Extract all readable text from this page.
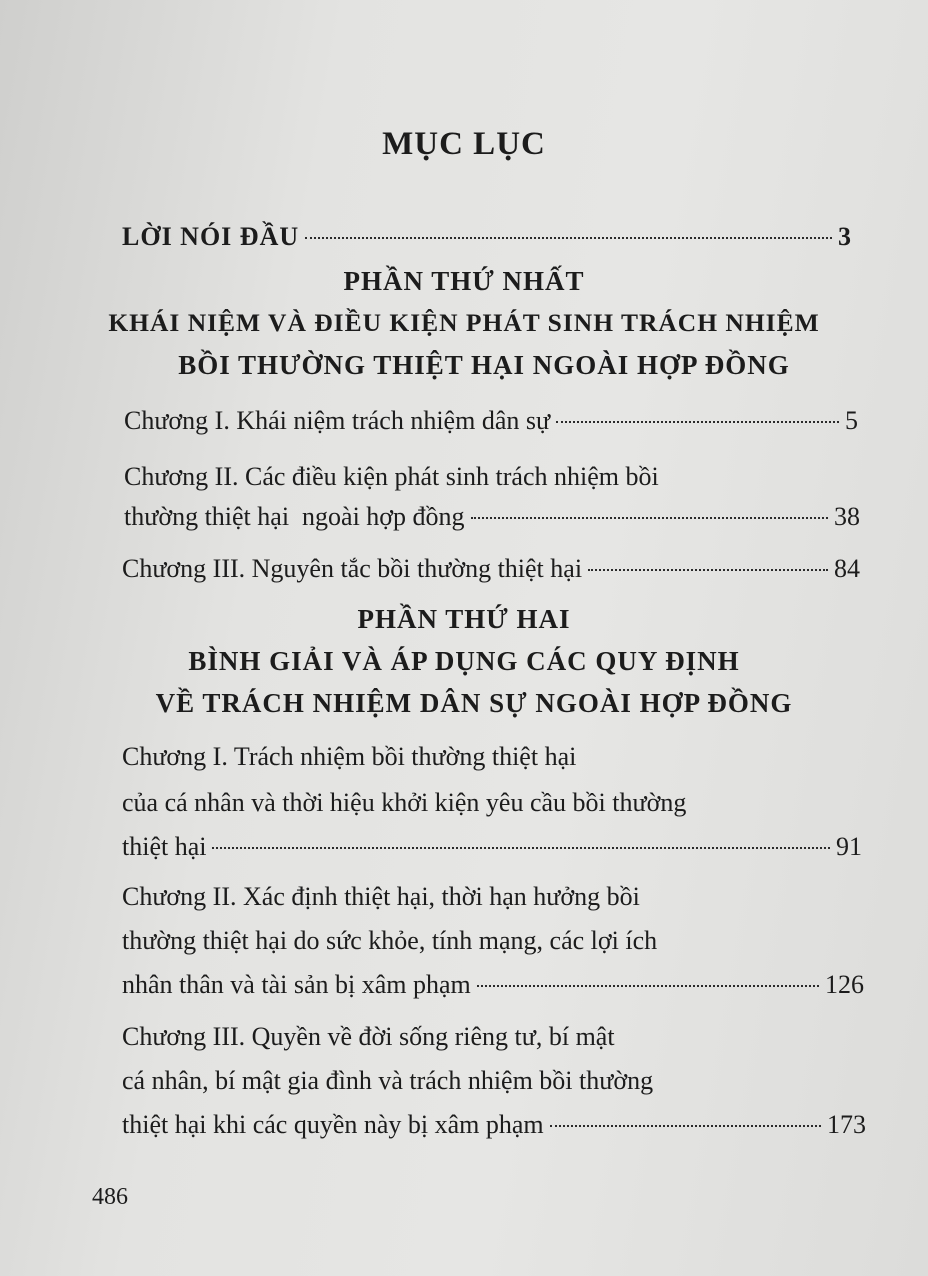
MỤC LỤC
LỜI NÓI ĐẦU	3
PHẦN THỨ NHẤT
KHÁI NIỆM VÀ ĐIỀU KIỆN PHÁT SINH TRÁCH NHIỆM
BỒI THƯỜNG THIỆT HẠI NGOÀI HỢP ĐỒNG
Chương I. Khái niệm trách nhiệm dân sự	5
Chương II. Các điều kiện phát sinh trách nhiệm bồi
thường thiệt hại  ngoài hợp đồng	38
Chương III. Nguyên tắc bồi thường thiệt hại	84
PHẦN THỨ HAI
BÌNH GIẢI VÀ ÁP DỤNG CÁC QUY ĐỊNH
VỀ TRÁCH NHIỆM DÂN SỰ NGOÀI HỢP ĐỒNG
Chương I. Trách nhiệm bồi thường thiệt hại
của cá nhân và thời hiệu khởi kiện yêu cầu bồi thường
thiệt hại	91
Chương II. Xác định thiệt hại, thời hạn hưởng bồi
thường thiệt hại do sức khỏe, tính mạng, các lợi ích
nhân thân và tài sản bị xâm phạm	126
Chương III. Quyền về đời sống riêng tư, bí mật
cá nhân, bí mật gia đình và trách nhiệm bồi thường
thiệt hại khi các quyền này bị xâm phạm	173
486
